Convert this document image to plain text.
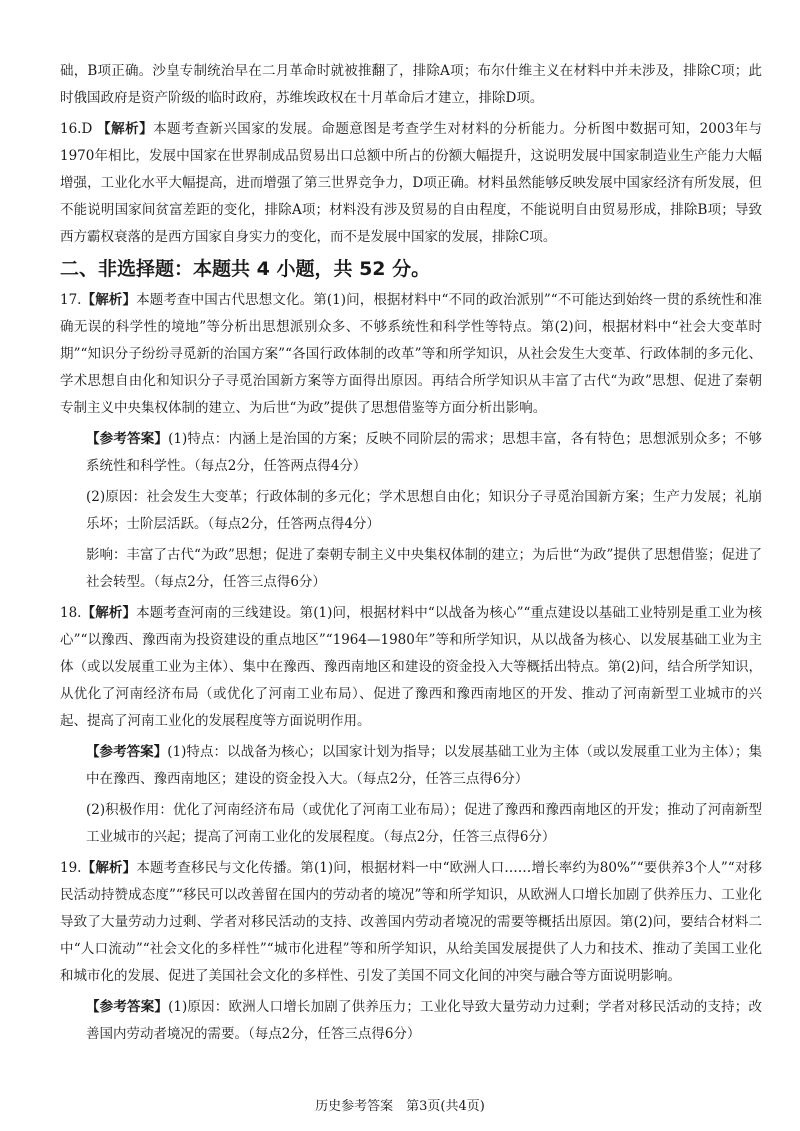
础，B项正确。沙皇专制统治早在二月革命时就被推翻了，排除A项；布尔什维主义在材料中并未涉及，排除C项；此时俄国政府是资产阶级的临时政府，苏维埃政权在十月革命后才建立，排除D项。

16.D 【解析】本题考查新兴国家的发展。命题意图是考查学生对材料的分析能力。分析图中数据可知，2003年与1970年相比，发展中国家在世界制成品贸易出口总额中所占的份额大幅提升，这说明发展中国家制造业生产能力大幅增强，工业化水平大幅提高，进而增强了第三世界竞争力，D项正确。材料虽然能够反映发展中国家经济有所发展，但不能说明国家间贫富差距的变化，排除A项；材料没有涉及贸易的自由程度，不能说明自由贸易形成，排除B项；导致西方霸权衰落的是西方国家自身实力的变化，而不是发展中国家的发展，排除C项。

二、非选择题：本题共 4 小题，共 52 分。

17.【解析】本题考查中国古代思想文化。第(1)问，根据材料中“不同的政治派别”“不可能达到始终一贯的系统性和准确无误的科学性的境地”等分析出思想派别众多、不够系统性和科学性等特点。第(2)问，根据材料中“社会大变革时期”“知识分子纷纷寻觅新的治国方案”“各国行政体制的改革”等和所学知识，从社会发生大变革、行政体制的多元化、学术思想自由化和知识分子寻觅治国新方案等方面得出原因。再结合所学知识从丰富了古代“为政”思想、促进了秦朝专制主义中央集权体制的建立、为后世“为政”提供了思想借鉴等方面分析出影响。

【参考答案】(1)特点：内涵上是治国的方案；反映不同阶层的需求；思想丰富，各有特色；思想派别众多；不够系统性和科学性。（每点2分，任答两点得4分）

(2)原因：社会发生大变革；行政体制的多元化；学术思想自由化；知识分子寻觅治国新方案；生产力发展；礼崩乐坏；士阶层活跃。（每点2分，任答两点得4分）

影响：丰富了古代“为政”思想；促进了秦朝专制主义中央集权体制的建立；为后世“为政”提供了思想借鉴；促进了社会转型。（每点2分，任答三点得6分）

18.【解析】本题考查河南的三线建设。第(1)问，根据材料中“以战备为核心”“重点建设以基础工业特别是重工业为核心”“以豫西、豫西南为投资建设的重点地区”“1964—1980年”等和所学知识，从以战备为核心、以发展基础工业为主体（或以发展重工业为主体）、集中在豫西、豫西南地区和建设的资金投入大等概括出特点。第(2)问，结合所学知识，从优化了河南经济布局（或优化了河南工业布局）、促进了豫西和豫西南地区的开发、推动了河南新型工业城市的兴起、提高了河南工业化的发展程度等方面说明作用。

【参考答案】(1)特点：以战备为核心；以国家计划为指导；以发展基础工业为主体（或以发展重工业为主体）；集中在豫西、豫西南地区；建设的资金投入大。（每点2分，任答三点得6分）

(2)积极作用：优化了河南经济布局（或优化了河南工业布局）；促进了豫西和豫西南地区的开发；推动了河南新型工业城市的兴起；提高了河南工业化的发展程度。（每点2分，任答三点得6分）

19.【解析】本题考查移民与文化传播。第(1)问，根据材料一中“欧洲人口……增长率约为80%”“要供养3个人”“对移民活动持赞成态度”“移民可以改善留在国内的劳动者的境况”等和所学知识，从欧洲人口增长加剧了供养压力、工业化导致了大量劳动力过剩、学者对移民活动的支持、改善国内劳动者境况的需要等概括出原因。第(2)问，要结合材料二中“人口流动”“社会文化的多样性”“城市化进程”等和所学知识，从给美国发展提供了人力和技术、推动了美国工业化和城市化的发展、促进了美国社会文化的多样性、引发了美国不同文化间的冲突与融合等方面说明影响。

【参考答案】(1)原因：欧洲人口增长加剧了供养压力；工业化导致大量劳动力过剩；学者对移民活动的支持；改善国内劳动者境况的需要。（每点2分，任答三点得6分）

历史参考答案　第3页(共4页)
